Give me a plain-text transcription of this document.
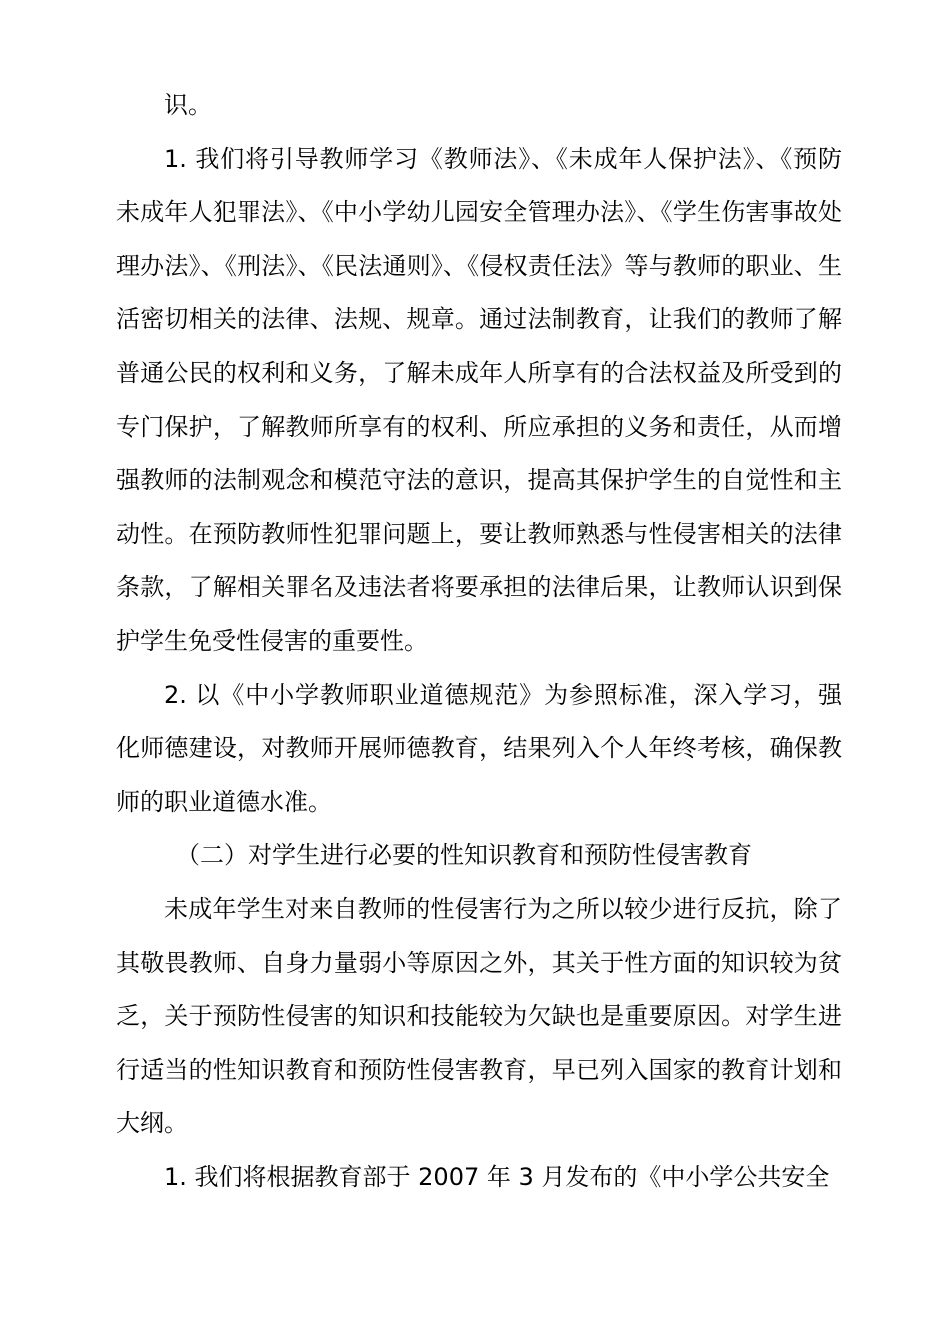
识。

1. 我们将引导教师学习《教师法》、《未成年人保护法》、《预防未成年人犯罪法》、《中小学幼儿园安全管理办法》、《学生伤害事故处理办法》、《刑法》、《民法通则》、《侵权责任法》等与教师的职业、生活密切相关的法律、法规、规章。通过法制教育，让我们的教师了解普通公民的权利和义务，了解未成年人所享有的合法权益及所受到的专门保护，了解教师所享有的权利、所应承担的义务和责任，从而增强教师的法制观念和模范守法的意识，提高其保护学生的自觉性和主动性。在预防教师性犯罪问题上，要让教师熟悉与性侵害相关的法律条款，了解相关罪名及违法者将要承担的法律后果，让教师认识到保护学生免受性侵害的重要性。

2. 以《中小学教师职业道德规范》为参照标准，深入学习，强化师德建设，对教师开展师德教育，结果列入个人年终考核，确保教师的职业道德水准。

（二）对学生进行必要的性知识教育和预防性侵害教育

未成年学生对来自教师的性侵害行为之所以较少进行反抗，除了其敬畏教师、自身力量弱小等原因之外，其关于性方面的知识较为贫乏，关于预防性侵害的知识和技能较为欠缺也是重要原因。对学生进行适当的性知识教育和预防性侵害教育，早已列入国家的教育计划和大纲。

1. 我们将根据教育部于 2007 年 3 月发布的《中小学公共安全
